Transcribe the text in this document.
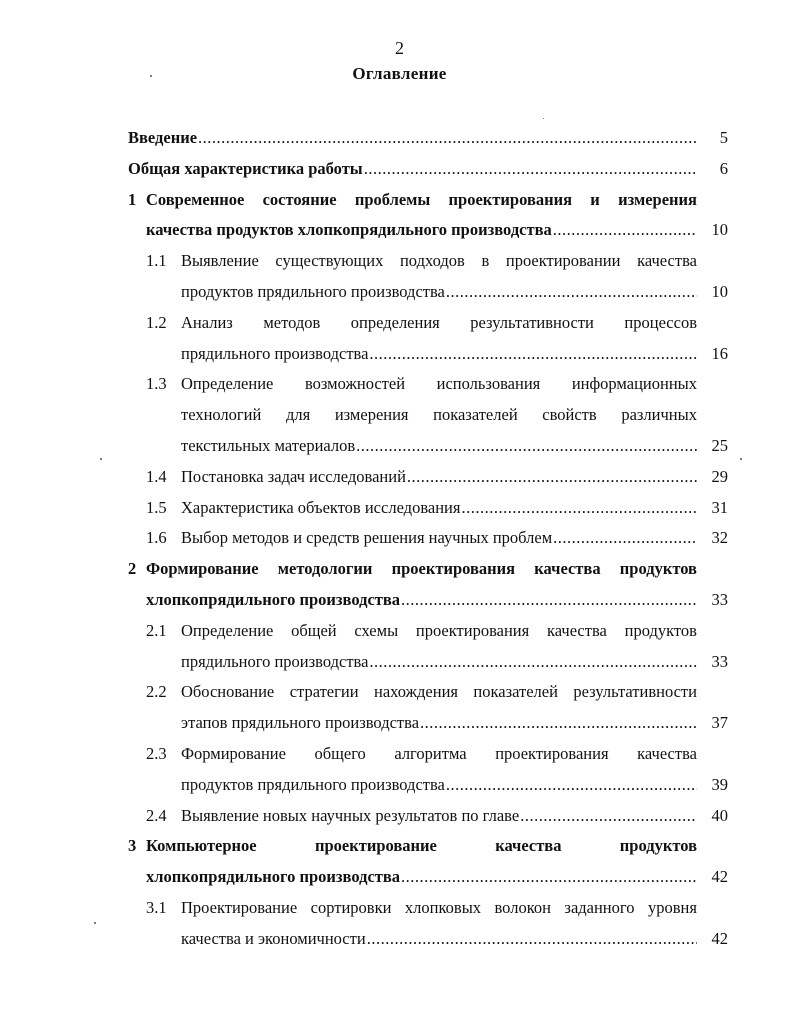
2
Оглавление
Введение .....	5
Общая характеристика работы .....	6
1 Современное состояние проблемы проектирования и измерения
качества продуктов хлопкопрядильного производства .....	10
1.1 Выявление существующих подходов в проектировании качества
продуктов прядильного производства .....	10
1.2 Анализ методов определения результативности процессов
прядильного производства .....	16
1.3 Определение возможностей использования информационных
технологий для измерения показателей свойств различных
текстильных материалов .....	25
1.4 Постановка задач исследований .....	29
1.5 Характеристика объектов исследования .....	31
1.6 Выбор методов и средств решения научных проблем .....	32
2 Формирование методологии проектирования качества продуктов
хлопкопрядильного производства .....	33
2.1 Определение общей схемы проектирования качества продуктов
прядильного производства .....	33
2.2 Обоснование стратегии нахождения показателей результативности
этапов прядильного производства .....	37
2.3 Формирование общего алгоритма проектирования качества
продуктов прядильного производства .....	39
2.4 Выявление новых научных результатов по главе .....	40
3 Компьютерное	проектирование	качества	продуктов
хлопкопрядильного производства .....	42
3.1 Проектирование сортировки хлопковых волокон заданного уровня
качества и экономичности .....	42
